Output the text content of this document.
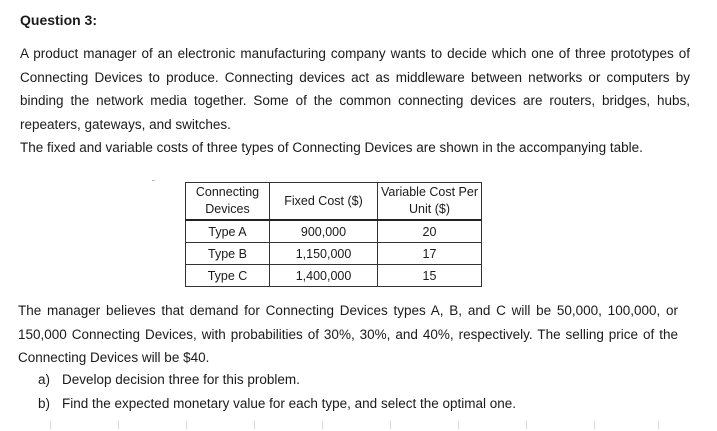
Question 3:
A product manager of an electronic manufacturing company wants to decide which one of three prototypes of Connecting Devices to produce. Connecting devices act as middleware between networks or computers by binding the network media together. Some of the common connecting devices are routers, bridges, hubs, repeaters, gateways, and switches.
The fixed and variable costs of three types of Connecting Devices are shown in the accompanying table.
Connecting Devices	Fixed Cost ($)	Variable Cost Per Unit ($)
Type A	900,000	20
Type B	1,150,000	17
Type C	1,400,000	15
The manager believes that demand for Connecting Devices types A, B, and C will be 50,000, 100,000, or 150,000 Connecting Devices, with probabilities of 30%, 30%, and 40%, respectively. The selling price of the Connecting Devices will be $40.
a) Develop decision three for this problem.
b) Find the expected monetary value for each type, and select the optimal one.
